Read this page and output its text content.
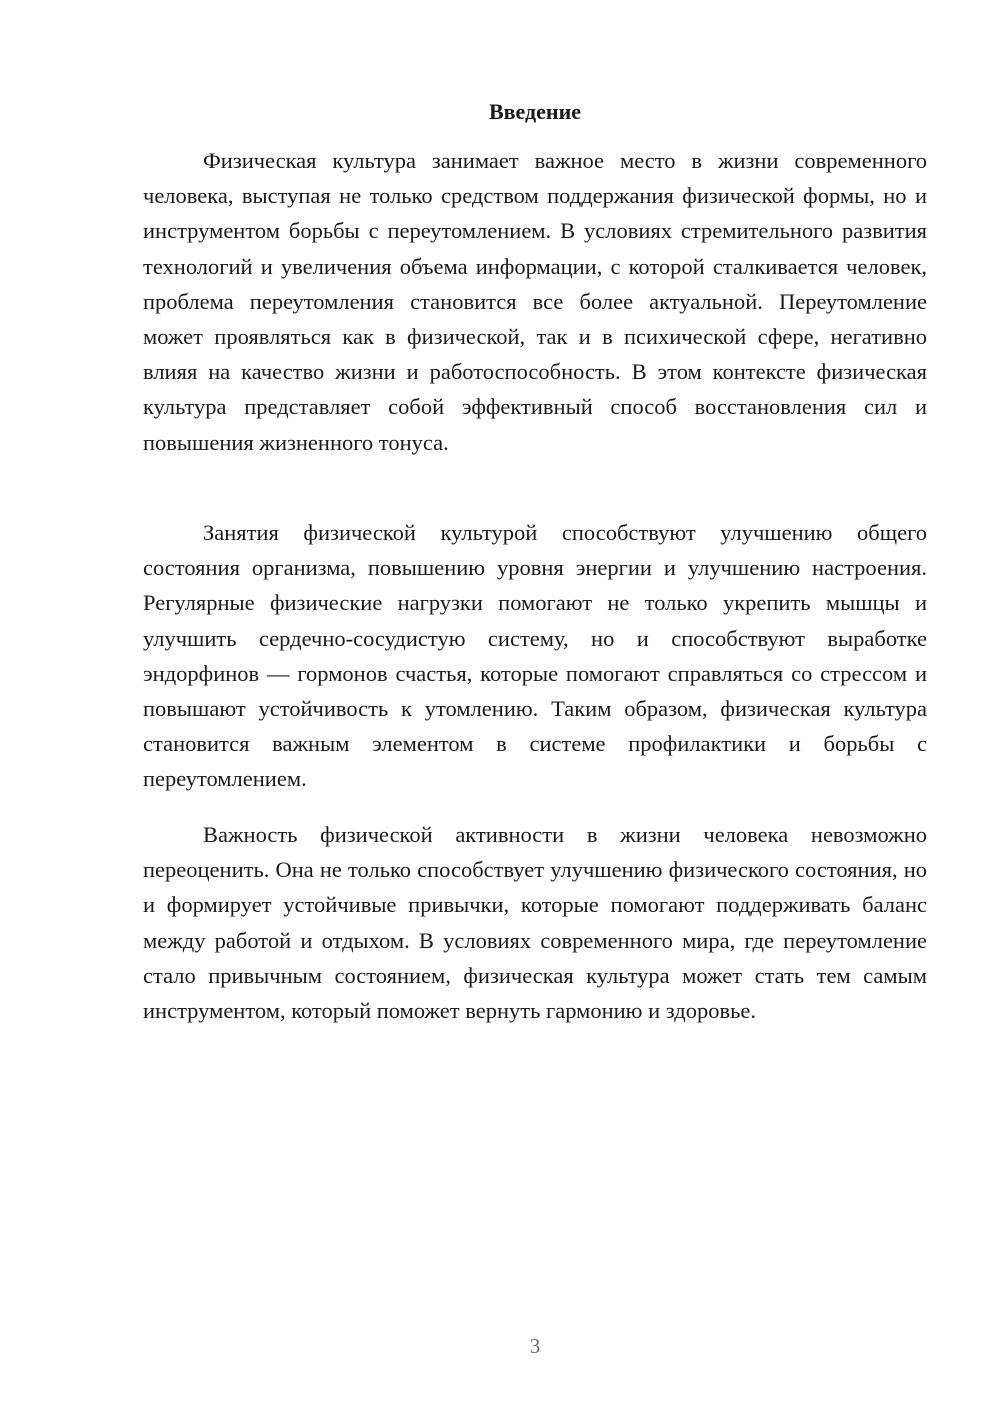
Введение

Физическая культура занимает важное место в жизни современного человека, выступая не только средством поддержания физической формы, но и инструментом борьбы с переутомлением. В условиях стремительного развития технологий и увеличения объема информации, с которой сталкивается человек, проблема переутомления становится все более актуальной. Переутомление может проявляться как в физической, так и в психической сфере, негативно влияя на качество жизни и работоспособность. В этом контексте физическая культура представляет собой эффективный способ восстановления сил и повышения жизненного тонуса.

Занятия физической культурой способствуют улучшению общего состояния организма, повышению уровня энергии и улучшению настроения. Регулярные физические нагрузки помогают не только укрепить мышцы и улучшить сердечно-сосудистую систему, но и способствуют выработке эндорфинов — гормонов счастья, которые помогают справляться со стрессом и повышают устойчивость к утомлению. Таким образом, физическая культура становится важным элементом в системе профилактики и борьбы с переутомлением.

Важность физической активности в жизни человека невозможно переоценить. Она не только способствует улучшению физического состояния, но и формирует устойчивые привычки, которые помогают поддерживать баланс между работой и отдыхом. В условиях современного мира, где переутомление стало привычным состоянием, физическая культура может стать тем самым инструментом, который поможет вернуть гармонию и здоровье.

3
